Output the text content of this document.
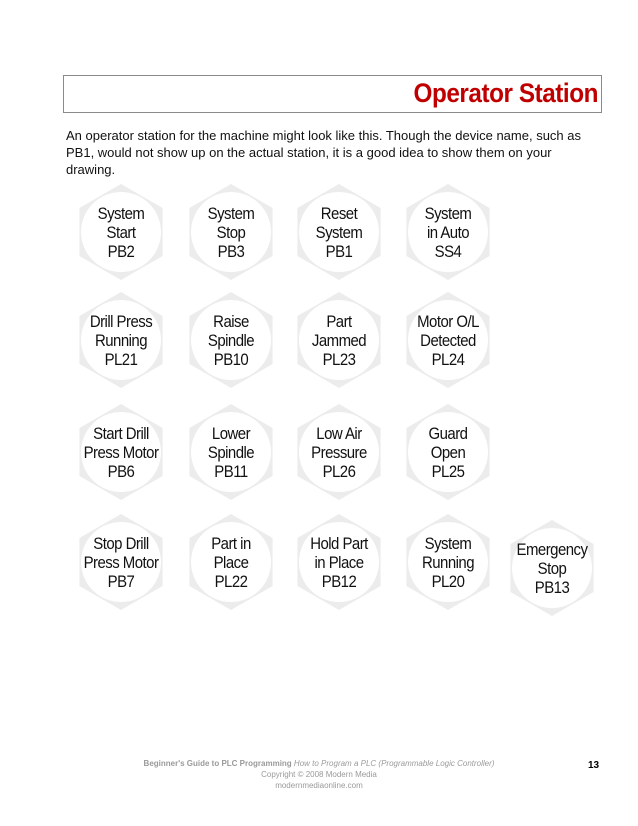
Operator Station

An operator station for the machine might look like this. Though the device name, such as PB1, would not show up on the actual station, it is a good idea to show them on your drawing.

System
Start
PB2
System
Stop
PB3
Reset
System
PB1
System
in Auto
SS4
Drill Press
Running
PL21
Raise
Spindle
PB10
Part
Jammed
PL23
Motor O/L
Detected
PL24
Start Drill
Press Motor
PB6
Lower
Spindle
PB11
Low Air
Pressure
PL26
Guard
Open
PL25
Stop Drill
Press Motor
PB7
Part in
Place
PL22
Hold Part
in Place
PB12
System
Running
PL20
Emergency
Stop
PB13
Beginner's Guide to PLC Programming How to Program a PLC (Programmable Logic Controller)
Copyright © 2008 Modern Media
modernmediaonline.com
13
